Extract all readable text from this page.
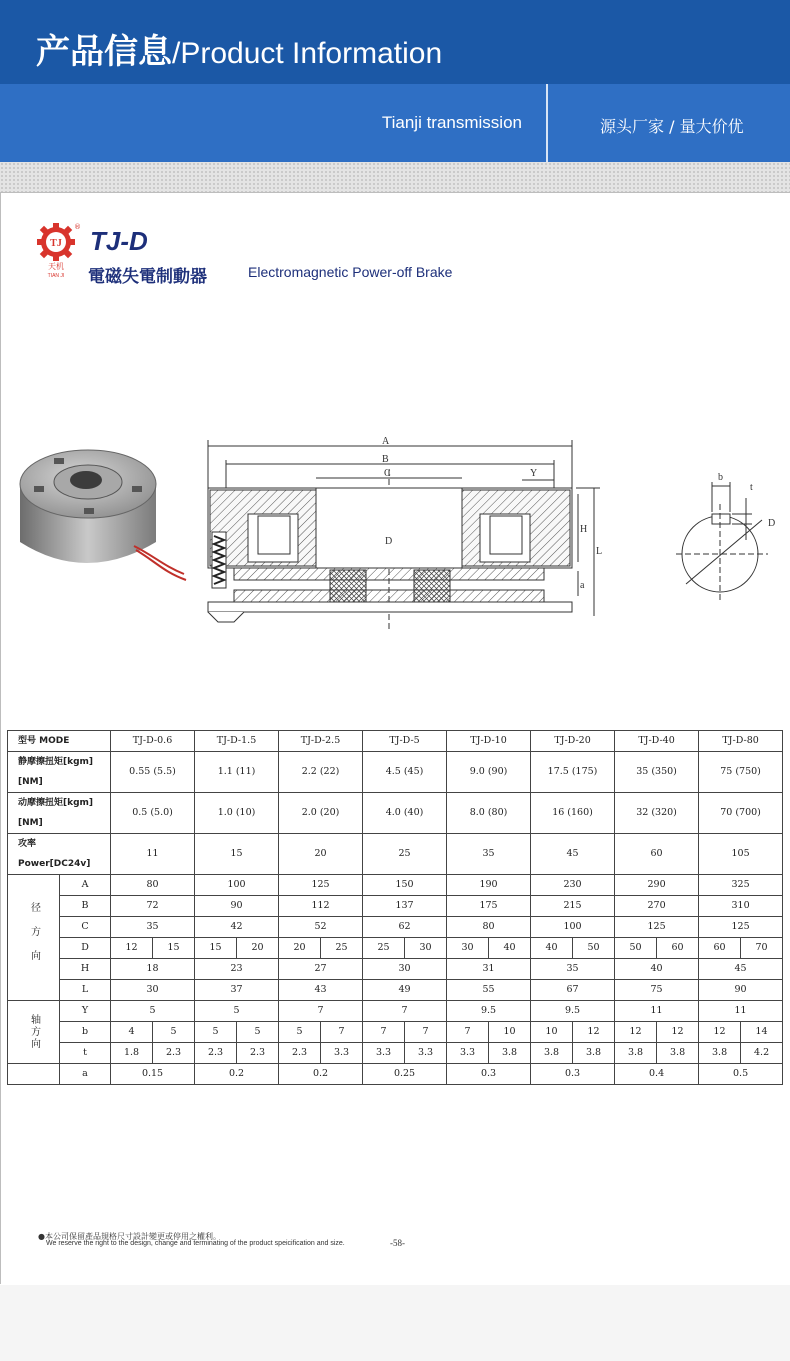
产品信息/Product Information
Tianji transmission	源头厂家 / 量大价优
TJ
®
天机
TIAN JI
TJ-D
電磁失電制動器	Electromagnetic Power-off Brake
A
B
C
D
Y
H
L
a
b
t
D
型号 MODE		TJ-D-0.6		TJ-D-1.5		TJ-D-2.5		TJ-D-5		TJ-D-10		TJ-D-20		TJ-D-40		TJ-D-80	
静摩擦扭矩[kgm] [NM]		0.55 (5.5)		1.1 (11)		2.2 (22)		4.5 (45)		9.0 (90)		17.5 (175)		35 (350)		75 (750)	
动摩擦扭矩[kgm] [NM]		0.5 (5.0)		1.0 (10)		2.0 (20)		4.0 (40)		8.0 (80)		16 (160)		32 (320)		70 (700)	
攻率 Power[DC24v]		11		15		20		25		35		45		60		105	
径方向	A	80		100		125		150		190		230		290		325	
	B	72		90		112		137		175		215		270		310	
	C	35		42		52		62		80		100		125		125	
	D	12	15	15	20	20	25	25	30	30	40	40	50	50	60	60	70
	H	18		23		27		30		31		35		40		45	
	L	30		37		43		49		55		67		75		90	
轴方向	Y	5		5		7		7		9.5		9.5		11		11	
	b	4	5	5	5	5	7	7	7	7	10	10	12	12	12	12	14
	t	1.8	2.3	2.3	2.3	2.3	3.3	3.3	3.3	3.3	3.8	3.8	3.8	3.8	3.8	3.8	4.2
	a	0.15		0.2		0.2		0.25		0.3		0.3		0.4		0.5	
●本公司保留產品規格尺寸設計變更或停用之權利。
We reserve the right to the design, change and terminating of the product speicification and size.	-58-
